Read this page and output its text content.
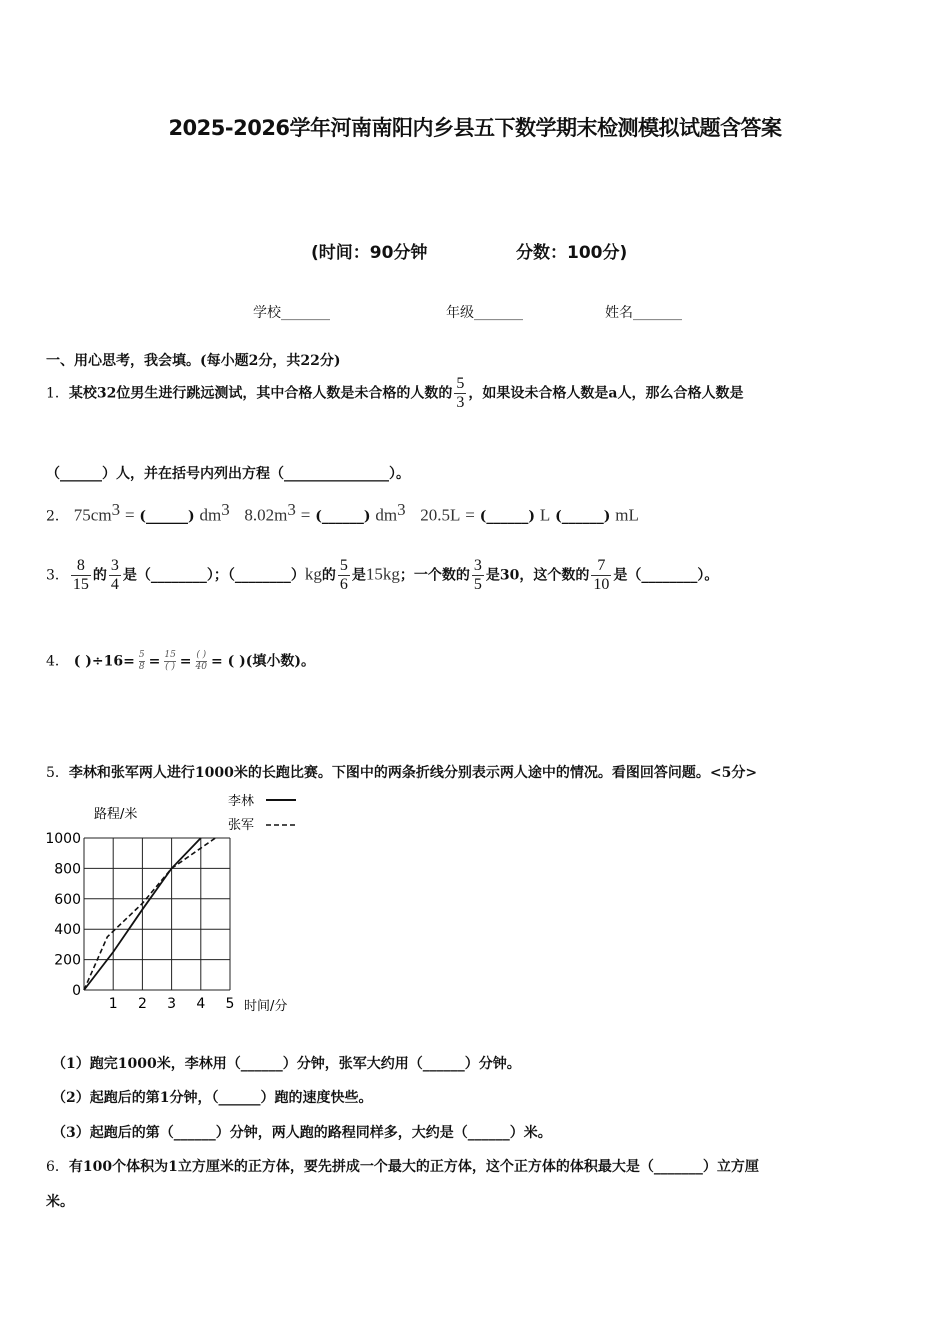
2025-2026学年河南南阳内乡县五下数学期末检测模拟试题含答案
(时间：90分钟	分数：100分)
学校_______	年级_______	姓名_______
一、用心思考，我会填。(每小题2分，共22分)
1．某校32位男生进行跳远测试，其中合格人数是未合格的人数的 $\frac{5}{3}$ ，如果设未合格人数是a人，那么合格人数是
（______）人，并在括号内列出方程（_______________）。
2． $75cm^3$ = (______) $dm^3$ $8.02m^3$ = (______) $dm^3$ 20.5L = (______) L (______) mL
3． $\frac{8}{15}$ 的 $\frac{3}{4}$ 是（________）；（________）kg的 $\frac{5}{6}$ 是15kg；一个数的 $\frac{3}{5}$ 是30，这个数的 $\frac{7}{10}$ 是（________）。
4． ( )$\div 16= \frac{5}{8} = 15$
( ) = ( )
40 = ( )(填小数)。
5．李林和张军两人进行1000米的长跑比赛。下图中的两条折线分别表示两人途中的情况。看图回答问题。<5分>
1 2 3 4 5
0
200
400
600
800
1000
路程/米
时间/分
李林
张军
（1）跑完1000米，李林用（______）分钟，张军大约用（______）分钟。
（2）起跑后的第1分钟，（______）跑的速度快些。
（3）起跑后的第（______）分钟，两人跑的路程同样多，大约是（______）米。
6．有100个体积为1立方厘米的正方体，要先拼成一个最大的正方体，这个正方体的体积最大是（_______）立方厘
米。
